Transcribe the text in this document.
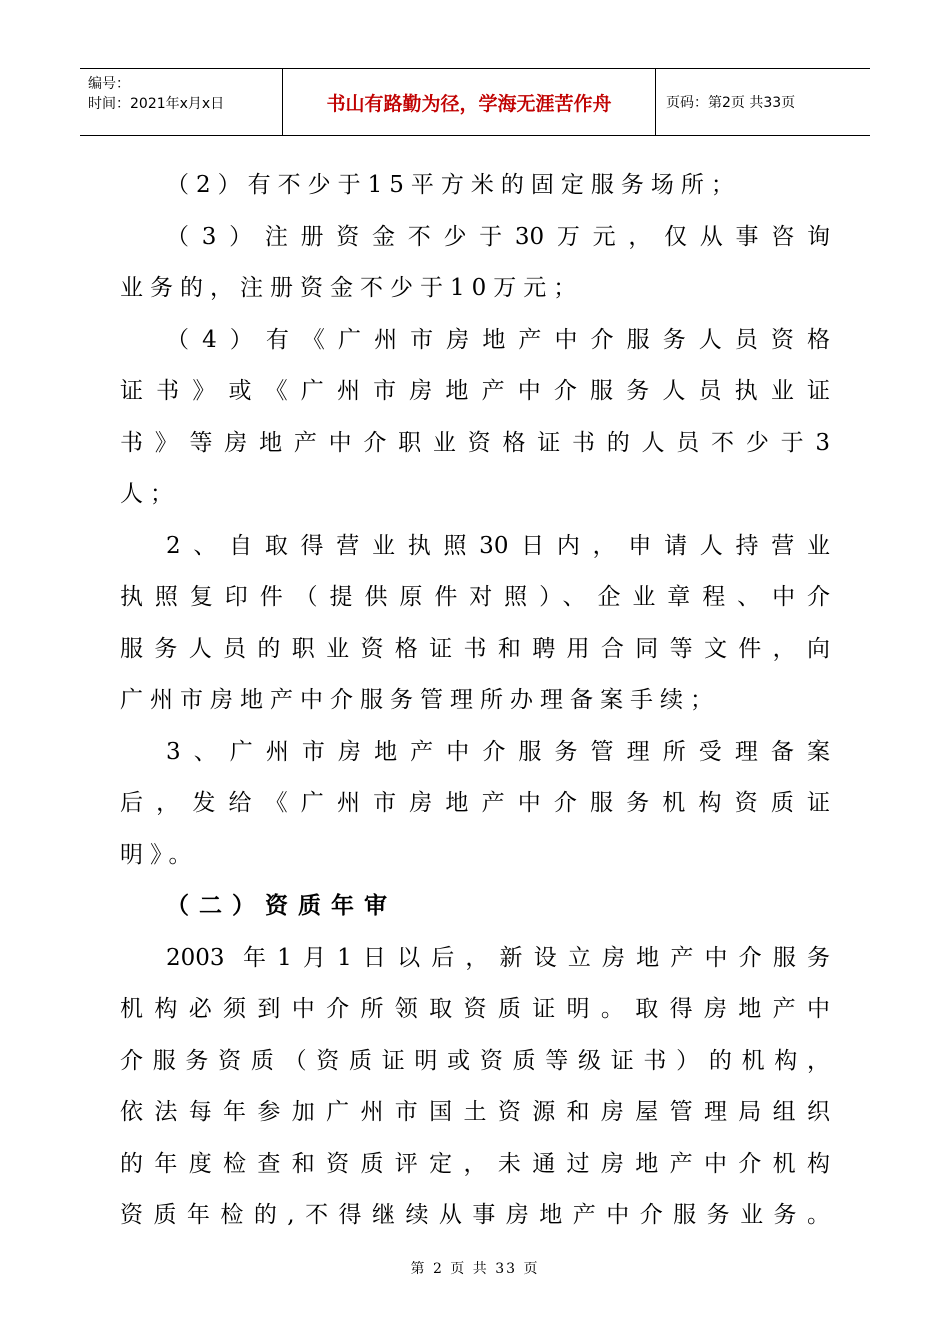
编号：
时间：2021年x月x日	书山有路勤为径，学海无涯苦作舟	页码：第2页 共33页
（2）有不少于15平方米的固定服务场所；
（3）注册资金不少于30万元，仅从事咨询
业务的，注册资金不少于10万元；
（4）有《广州市房地产中介服务人员资格
证书》或《广州市房地产中介服务人员执业证
书》等房地产中介职业资格证书的人员不少于3
人；
2、自取得营业执照30日内，申请人持营业
执照复印件（提供原件对照）、企业章程、中介
服务人员的职业资格证书和聘用合同等文件，向
广州市房地产中介服务管理所办理备案手续；
3、广州市房地产中介服务管理所受理备案
后，发给《广州市房地产中介服务机构资质证
明》。
（二）资质年审
2003 年1月1日以后，新设立房地产中介服务
机构必须到中介所领取资质证明。取得房地产中
介服务资质（资质证明或资质等级证书）的机构，
依法每年参加广州市国土资源和房屋管理局组织
的年度检查和资质评定，未通过房地产中介机构
资质年检的,不得继续从事房地产中介服务业务。
第 2 页 共 33 页
